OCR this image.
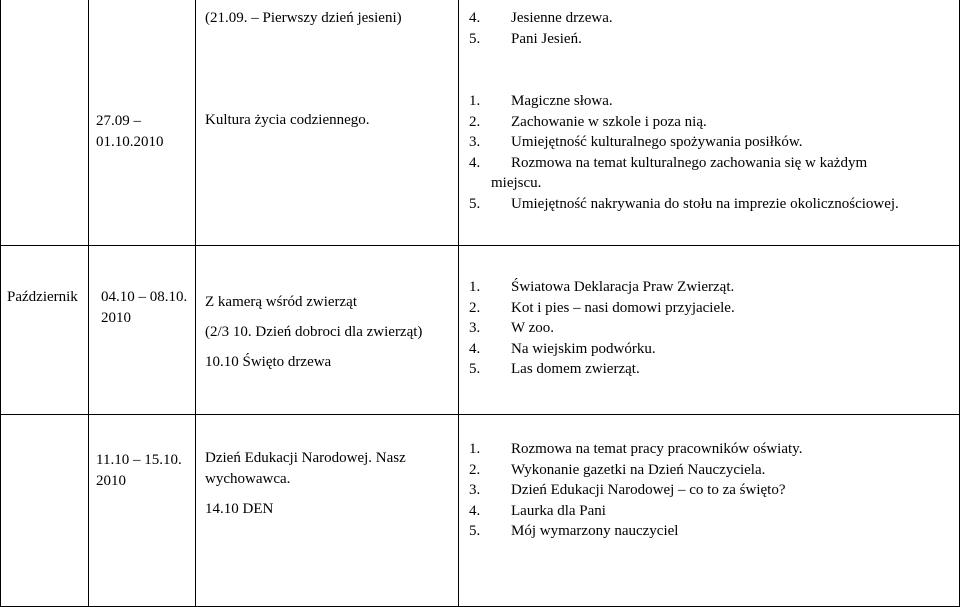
(21.09. – Pierwszy dzień jesieni)	4. Jesienne drzewa.
5. Pani Jesień.
27.09 –
01.10.2010
Kultura życia codziennego.
1. Magiczne słowa.
2. Zachowanie w szkole i poza nią.
3. Umiejętność kulturalnego spożywania posiłków.
4. Rozmowa na temat kulturalnego zachowania się w każdym
miejscu.
5. Umiejętność nakrywania do stołu na imprezie okolicznościowej.
Październik 04.10 – 08.10.
2010
Z kamerą wśród zwierząt
(2/3 10. Dzień dobroci dla zwierząt)
10.10 Święto drzewa
1. Światowa Deklaracja Praw Zwierząt.
2. Kot i pies – nasi domowi przyjaciele.
3. W zoo.
4. Na wiejskim podwórku.
5. Las domem zwierząt.
11.10 – 15.10.
2010
Dzień Edukacji Narodowej. Nasz
wychowawca.
14.10 DEN
1. Rozmowa na temat pracy pracowników oświaty.
2. Wykonanie gazetki na Dzień Nauczyciela.
3. Dzień Edukacji Narodowej – co to za święto?
4. Laurka dla Pani
5. Mój wymarzony nauczyciel
